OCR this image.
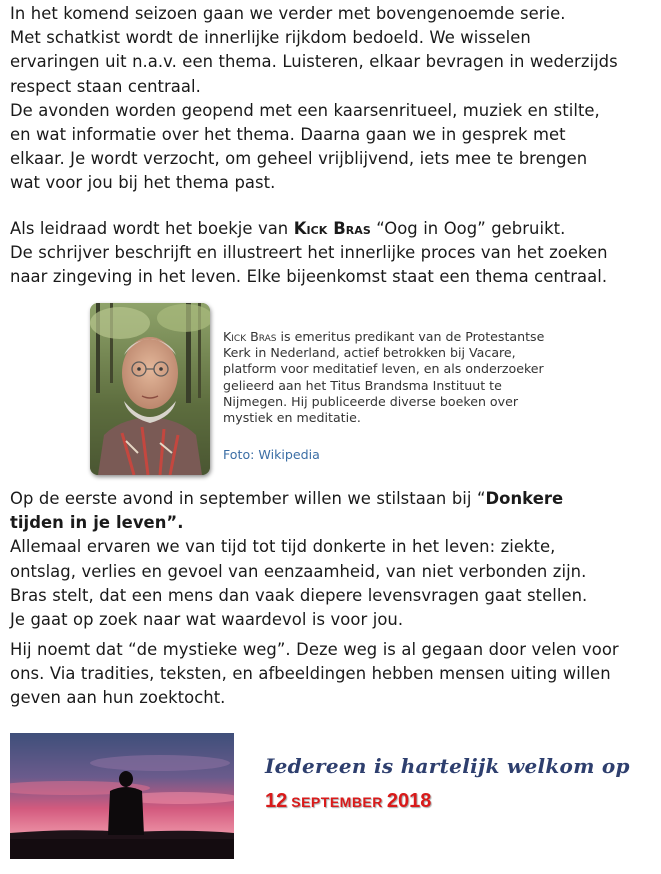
In het komend seizoen gaan we verder met bovengenoemde serie.
Met schatkist wordt de innerlijke rijkdom bedoeld. We wisselen
ervaringen uit n.a.v. een thema. Luisteren, elkaar bevragen in wederzijds
respect staan centraal.
De avonden worden geopend met een kaarsenritueel, muziek en stilte,
en wat informatie over het thema. Daarna gaan we in gesprek met
elkaar. Je wordt verzocht, om geheel vrijblijvend, iets mee te brengen
wat voor jou bij het thema past.

Als leidraad wordt het boekje van Kick Bras “Oog in Oog” gebruikt.
De schrijver beschrijft en illustreert het innerlijke proces van het zoeken
naar zingeving in het leven. Elke bijeenkomst staat een thema centraal.

Kick Bras is emeritus predikant van de Protestantse
Kerk in Nederland, actief betrokken bij Vacare,
platform voor meditatief leven, en als onderzoeker
gelieerd aan het Titus Brandsma Instituut te
Nijmegen. Hij publiceerde diverse boeken over
mystiek en meditatie.
Foto: Wikipedia

Op de eerste avond in september willen we stilstaan bij “Donkere
tijden in je leven”.
Allemaal ervaren we van tijd tot tijd donkerte in het leven: ziekte,
ontslag, verlies en gevoel van eenzaamheid, van niet verbonden zijn.
Bras stelt, dat een mens dan vaak diepere levensvragen gaat stellen.
Je gaat op zoek naar wat waardevol is voor jou.

Hij noemt dat “de mystieke weg”. Deze weg is al gegaan door velen voor
ons. Via tradities, teksten, en afbeeldingen hebben mensen uiting willen
geven aan hun zoektocht.

Iedereen is hartelijk welkom op
12 september 2018
